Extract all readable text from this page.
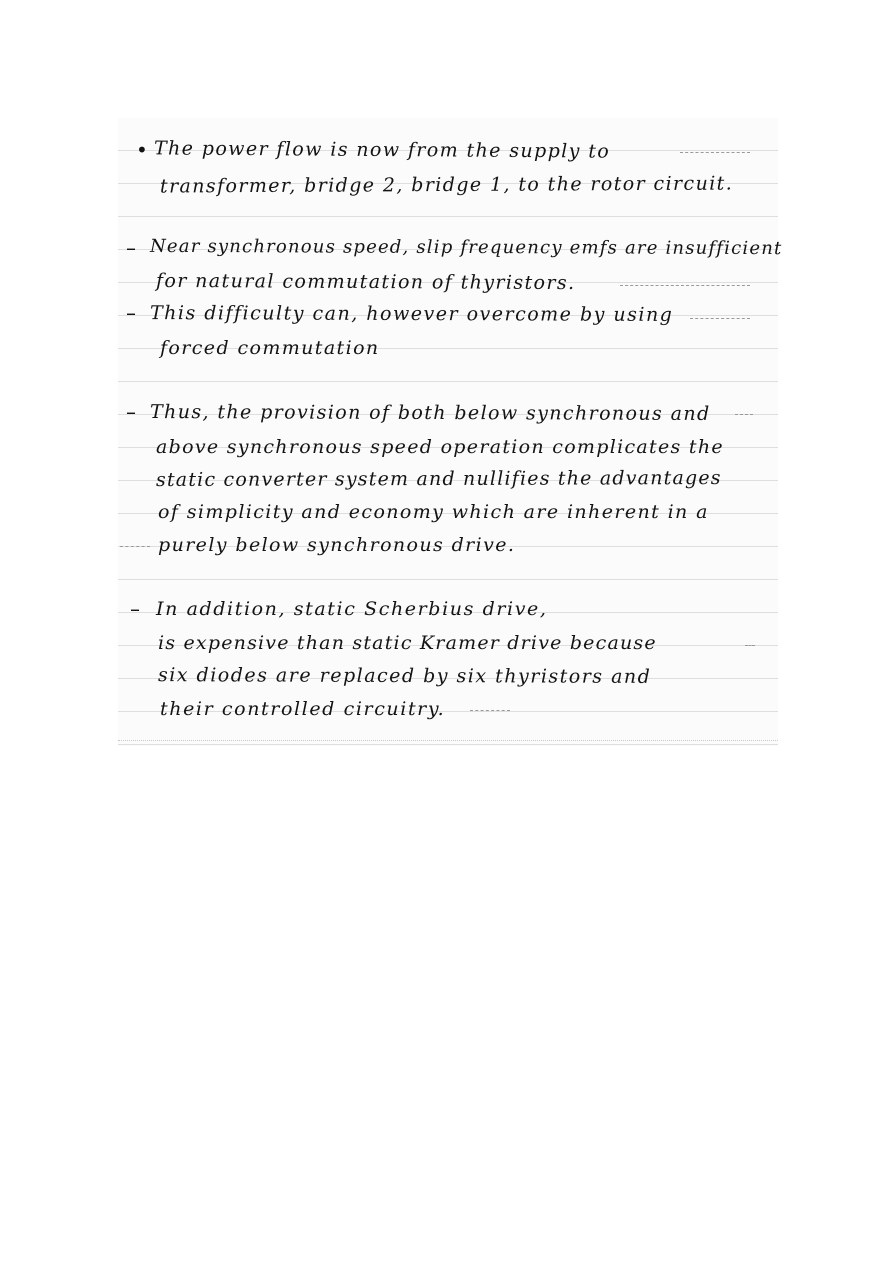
• The power flow is now from the supply to
transformer, bridge 2, bridge 1, to the rotor circuit.
– Near synchronous speed, slip frequency emfs are insufficient
for natural commutation of thyristors.
– This difficulty can, however overcome by using
forced commutation
– Thus, the provision of both below synchronous and
above synchronous speed operation complicates the
static converter system and nullifies the advantages
of simplicity and economy which are inherent in a
purely below synchronous drive.
– In addition, static Scherbius drive,
is expensive than static Kramer drive because
six diodes are replaced by six thyristors and
their controlled circuitry.
